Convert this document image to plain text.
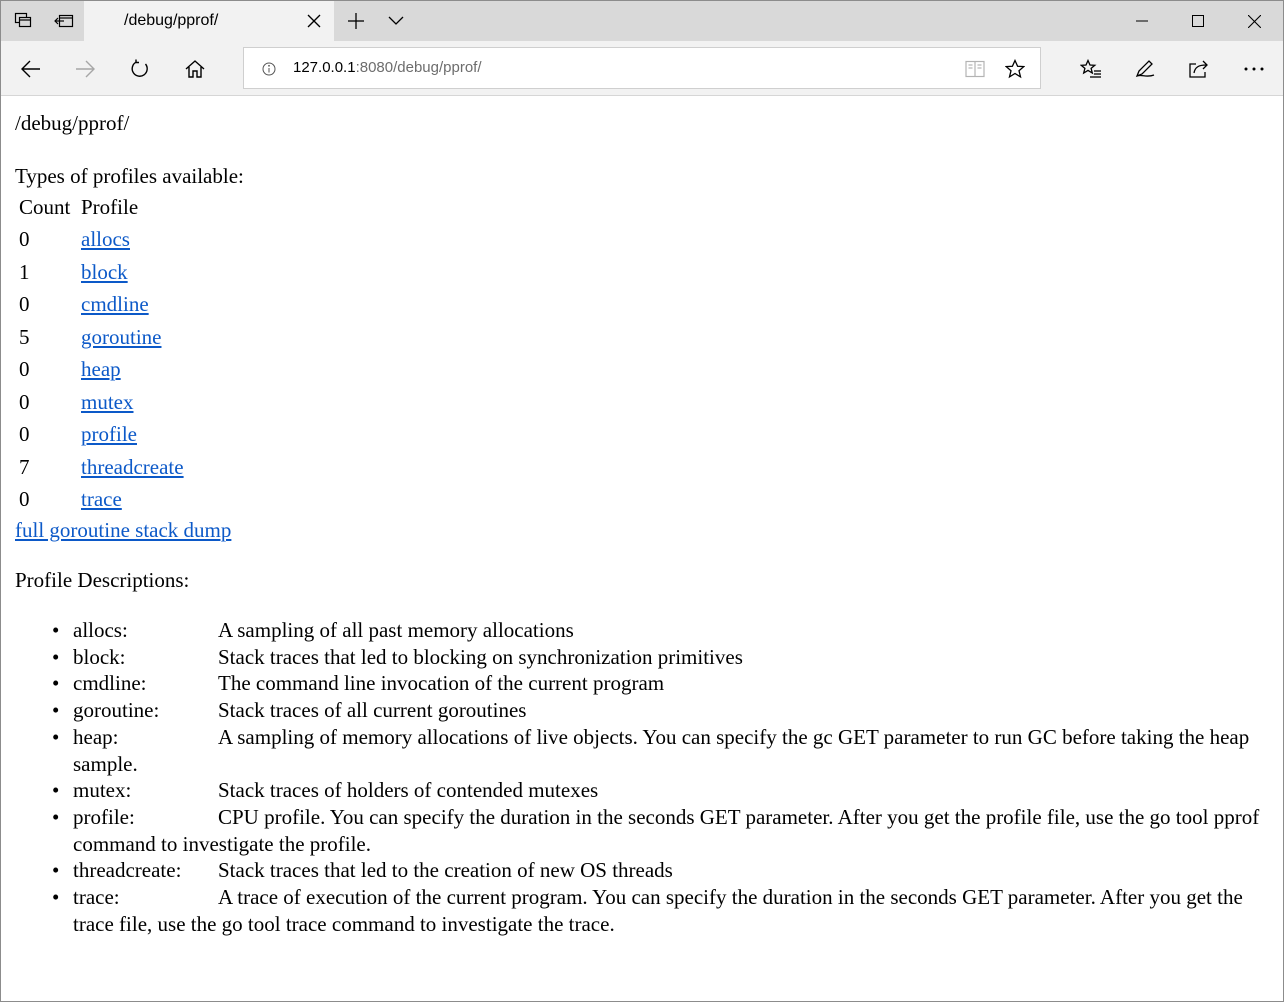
/debug/pprof/
127.0.0.1:8080/debug/pprof/
/debug/pprof/
Types of profiles available:
Count	Profile
0	allocs
1	block
0	cmdline
5	goroutine
0	heap
0	mutex
0	profile
7	threadcreate
0	trace
full goroutine stack dump
Profile Descriptions:
• allocs:	A sampling of all past memory allocations
• block:	Stack traces that led to blocking on synchronization primitives
• cmdline:	The command line invocation of the current program
• goroutine:	Stack traces of all current goroutines
• heap:	A sampling of memory allocations of live objects. You can specify the gc GET parameter to run GC before taking the heap sample.
• mutex:	Stack traces of holders of contended mutexes
• profile:	CPU profile. You can specify the duration in the seconds GET parameter. After you get the profile file, use the go tool pprof command to investigate the profile.
• threadcreate: Stack traces that led to the creation of new OS threads
• trace:	A trace of execution of the current program. You can specify the duration in the seconds GET parameter. After you get the trace file, use the go tool trace command to investigate the trace.
